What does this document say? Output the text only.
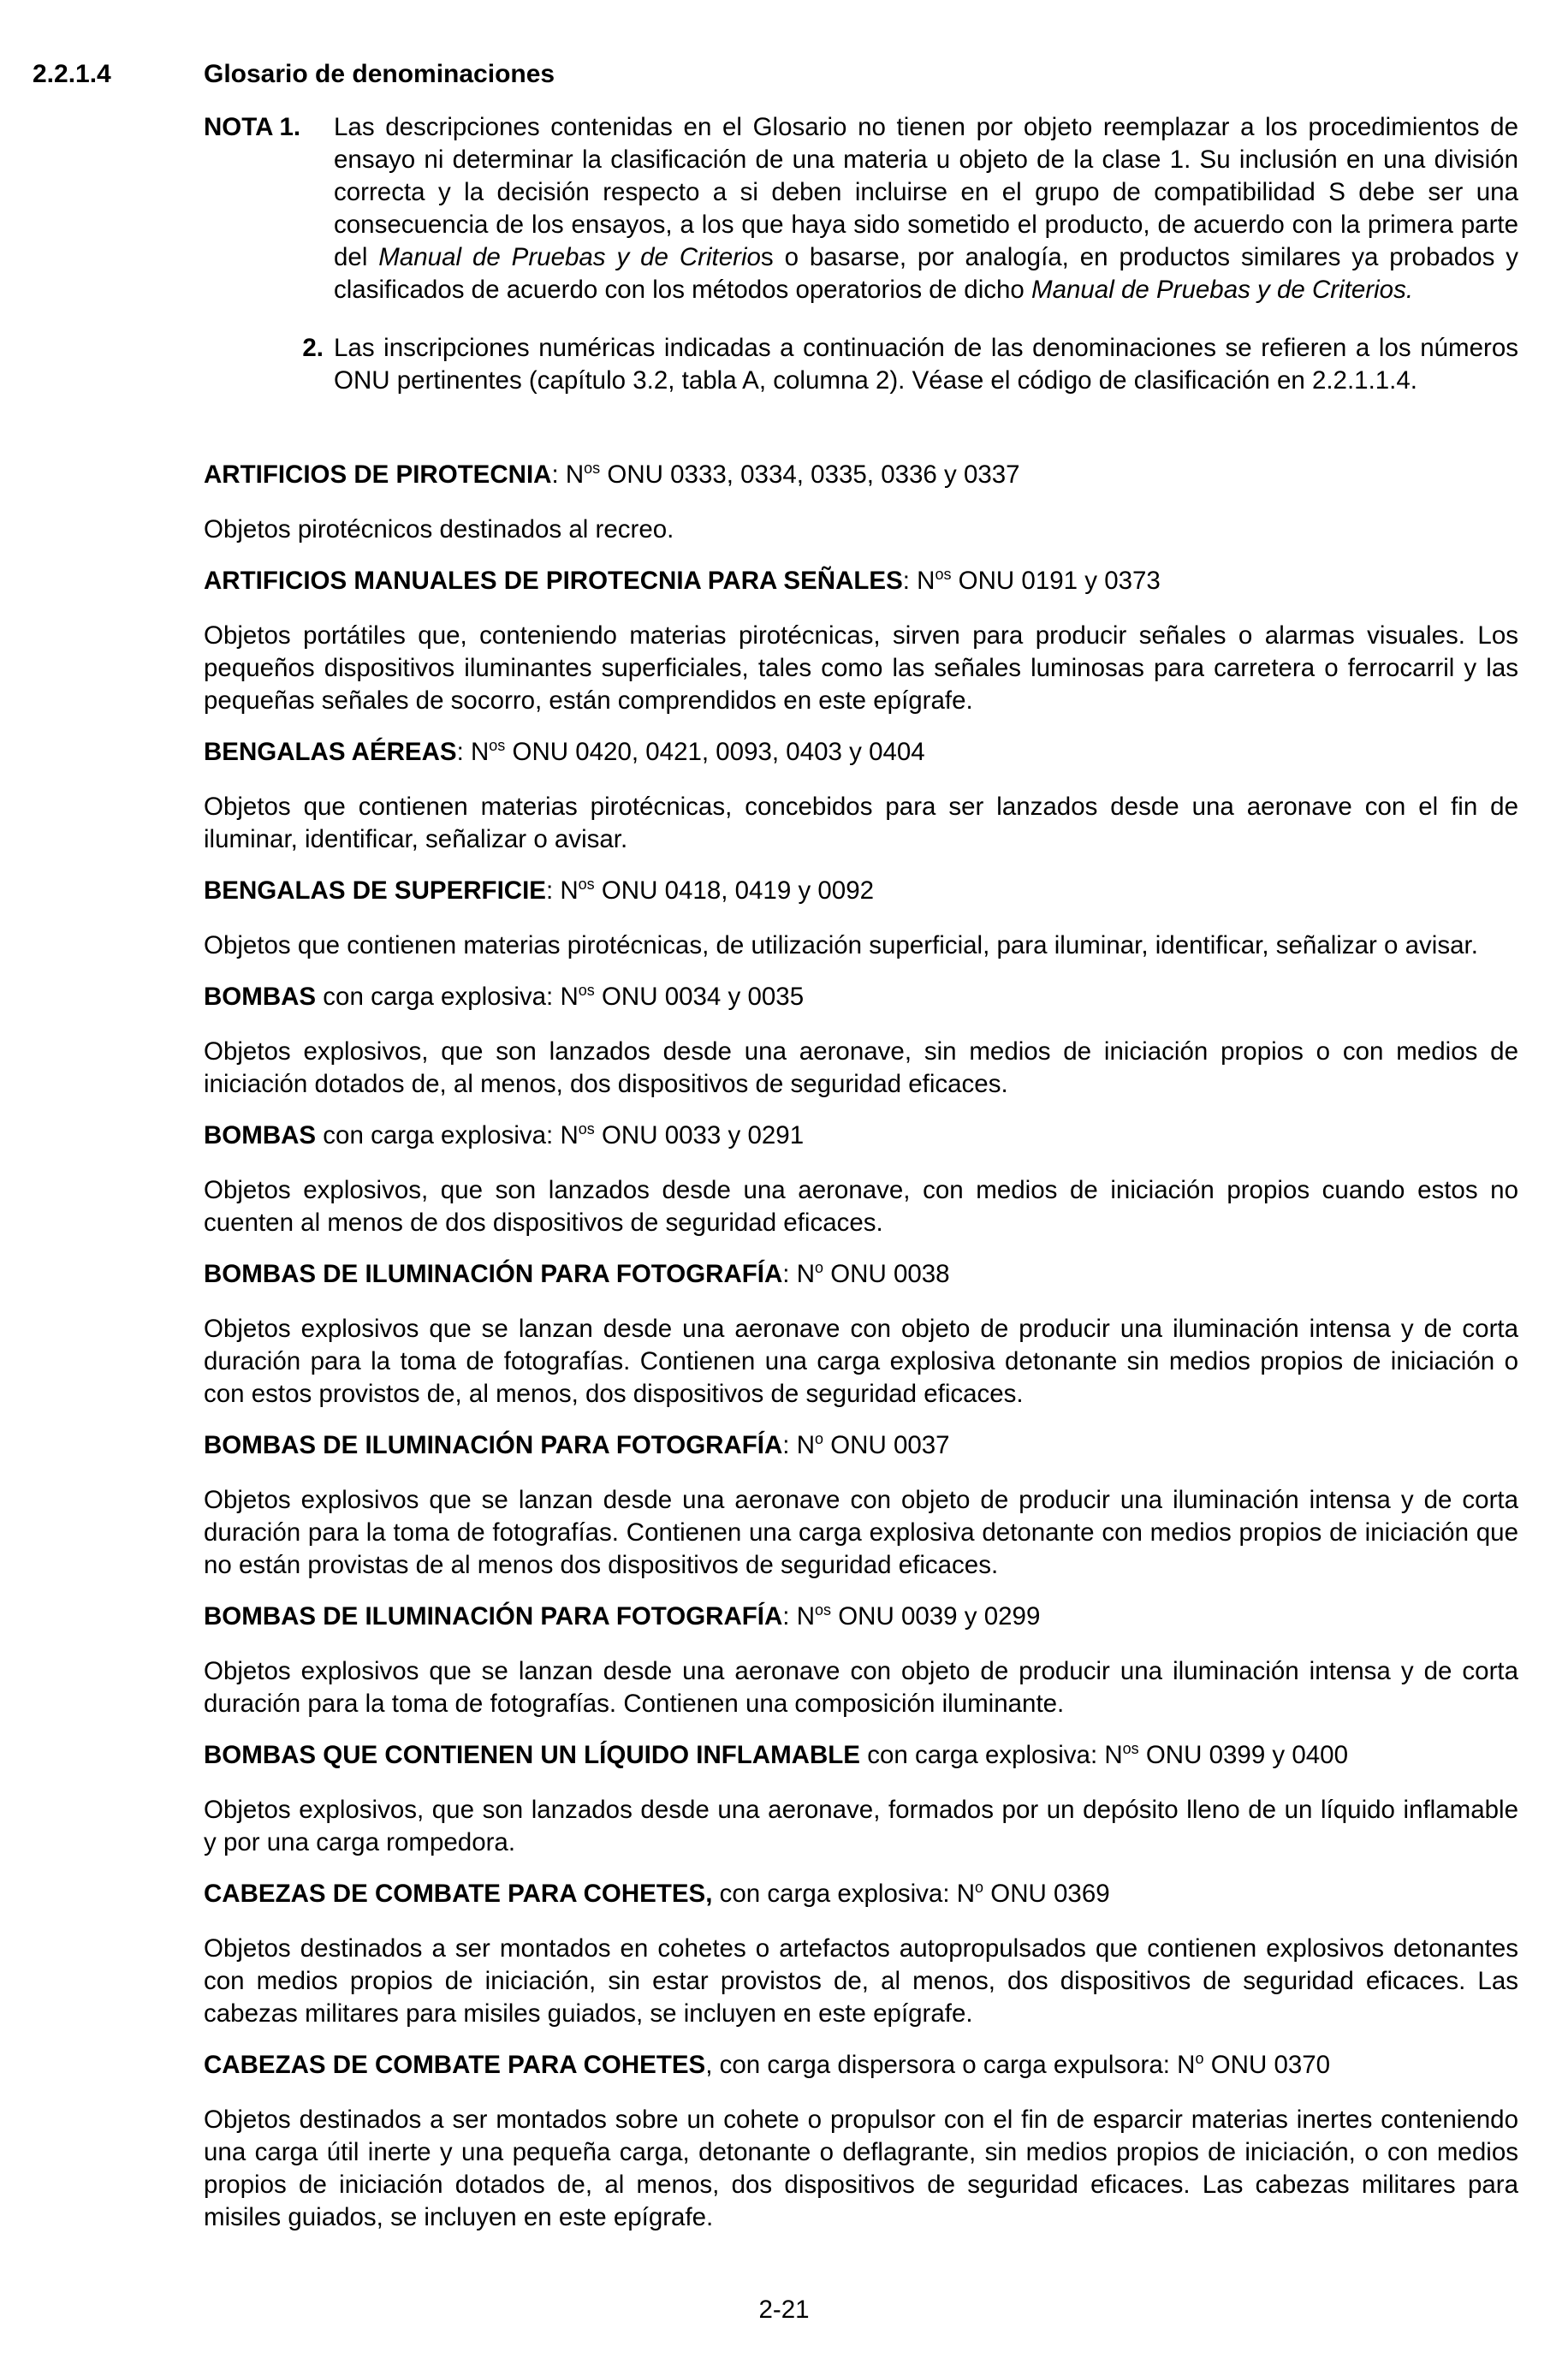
2.2.1.4	Glosario de denominaciones
NOTA 1.	Las descripciones contenidas en el Glosario no tienen por objeto reemplazar a los procedimientos de ensayo ni determinar la clasificación de una materia u objeto de la clase 1. Su inclusión en una división correcta y la decisión respecto a si deben incluirse en el grupo de compatibilidad S debe ser una consecuencia de los ensayos, a los que haya sido sometido el producto, de acuerdo con la primera parte del Manual de Pruebas y de Criterios o basarse, por analogía, en productos similares ya probados y clasificados de acuerdo con los métodos operatorios de dicho Manual de Pruebas y de Criterios.
2. Las inscripciones numéricas indicadas a continuación de las denominaciones se refieren a los números ONU pertinentes (capítulo 3.2, tabla A, columna 2). Véase el código de clasificación en 2.2.1.1.4.
ARTIFICIOS DE PIROTECNIA: $N^{os}$ ONU 0333, 0334, 0335, 0336 y 0337
Objetos pirotécnicos destinados al recreo.
ARTIFICIOS MANUALES DE PIROTECNIA PARA SEÑALES: $N^{os}$ ONU 0191 y 0373
Objetos portátiles que, conteniendo materias pirotécnicas, sirven para producir señales o alarmas visuales. Los pequeños dispositivos iluminantes superficiales, tales como las señales luminosas para carretera o ferrocarril y las pequeñas señales de socorro, están comprendidos en este epígrafe.
BENGALAS AÉREAS: $N^{os}$ ONU 0420, 0421, 0093, 0403 y 0404
Objetos que contienen materias pirotécnicas, concebidos para ser lanzados desde una aeronave con el fin de iluminar, identificar, señalizar o avisar.
BENGALAS DE SUPERFICIE: $N^{os}$ ONU 0418, 0419 y 0092
Objetos que contienen materias pirotécnicas, de utilización superficial, para iluminar, identificar, señalizar o avisar.
BOMBAS con carga explosiva: $N^{os}$ ONU 0034 y 0035
Objetos explosivos, que son lanzados desde una aeronave, sin medios de iniciación propios o con medios de iniciación dotados de, al menos, dos dispositivos de seguridad eficaces.
BOMBAS con carga explosiva: $N^{os}$ ONU 0033 y 0291
Objetos explosivos, que son lanzados desde una aeronave, con medios de iniciación propios cuando estos no cuenten al menos de dos dispositivos de seguridad eficaces.
BOMBAS DE ILUMINACIÓN PARA FOTOGRAFÍA: $N^o$ ONU 0038
Objetos explosivos que se lanzan desde una aeronave con objeto de producir una iluminación intensa y de corta duración para la toma de fotografías. Contienen una carga explosiva detonante sin medios propios de iniciación o con estos provistos de, al menos, dos dispositivos de seguridad eficaces.
BOMBAS DE ILUMINACIÓN PARA FOTOGRAFÍA: $N^o$ ONU 0037
Objetos explosivos que se lanzan desde una aeronave con objeto de producir una iluminación intensa y de corta duración para la toma de fotografías. Contienen una carga explosiva detonante con medios propios de iniciación que no están provistas de al menos dos dispositivos de seguridad eficaces.
BOMBAS DE ILUMINACIÓN PARA FOTOGRAFÍA: $N^{os}$ ONU 0039 y 0299
Objetos explosivos que se lanzan desde una aeronave con objeto de producir una iluminación intensa y de corta duración para la toma de fotografías. Contienen una composición iluminante.
BOMBAS QUE CONTIENEN UN LÍQUIDO INFLAMABLE con carga explosiva: $N^{os}$ ONU 0399 y 0400
Objetos explosivos, que son lanzados desde una aeronave, formados por un depósito lleno de un líquido inflamable y por una carga rompedora.
CABEZAS DE COMBATE PARA COHETES, con carga explosiva: $N^o$ ONU 0369
Objetos destinados a ser montados en cohetes o artefactos autopropulsados que contienen explosivos detonantes con medios propios de iniciación, sin estar provistos de, al menos, dos dispositivos de seguridad eficaces. Las cabezas militares para misiles guiados, se incluyen en este epígrafe.
CABEZAS DE COMBATE PARA COHETES, con carga dispersora o carga expulsora: $N^o$ ONU 0370
Objetos destinados a ser montados sobre un cohete o propulsor con el fin de esparcir materias inertes conteniendo una carga útil inerte y una pequeña carga, detonante o deflagrante, sin medios propios de iniciación, o con medios propios de iniciación dotados de, al menos, dos dispositivos de seguridad eficaces. Las cabezas militares para misiles guiados, se incluyen en este epígrafe.
2-21
